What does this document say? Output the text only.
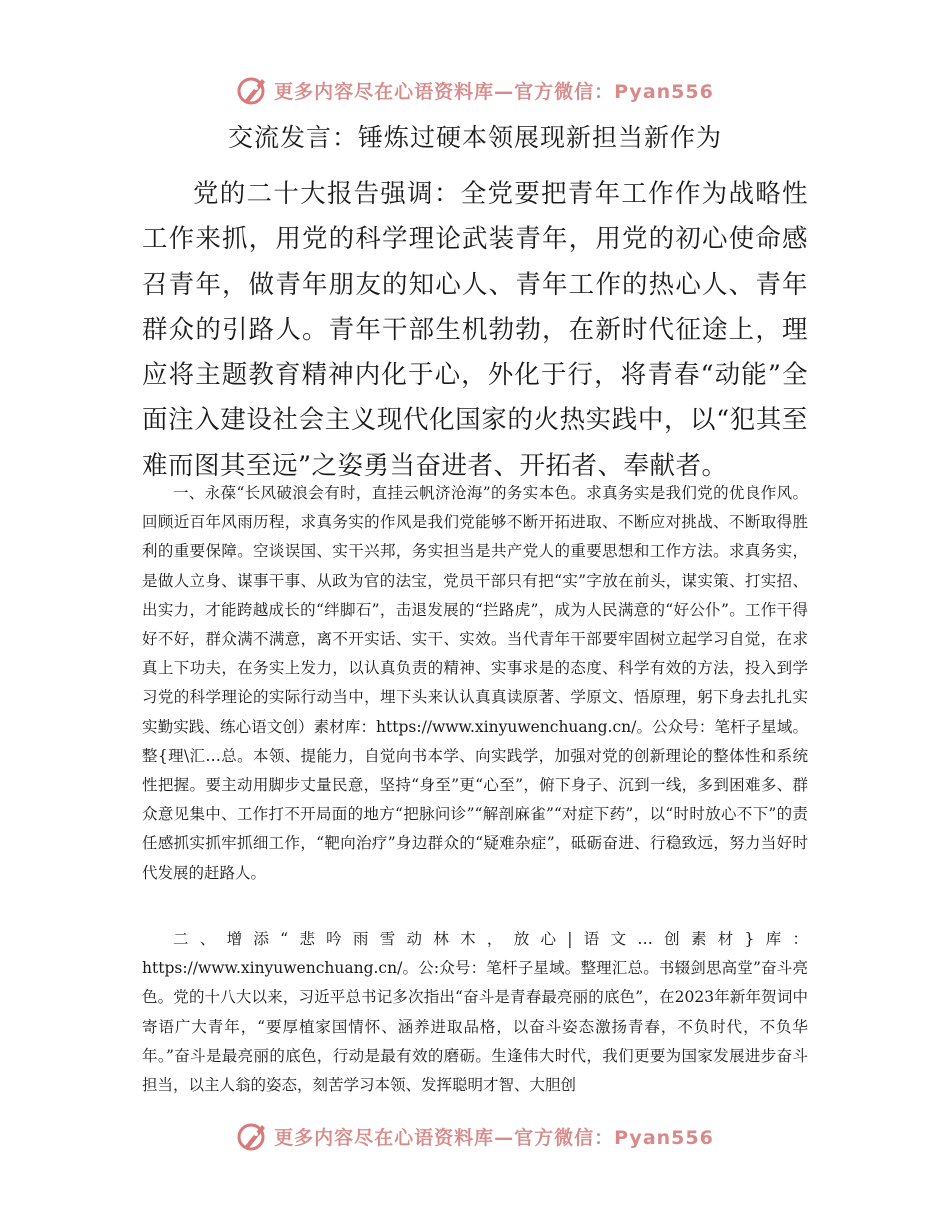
更多内容尽在心语资料库—官方微信：Pyan556
交流发言：锤炼过硬本领展现新担当新作为

党的二十大报告强调：全党要把青年工作作为战略性工作来抓，用党的科学理论武装青年，用党的初心使命感召青年，做青年朋友的知心人、青年工作的热心人、青年群众的引路人。青年干部生机勃勃，在新时代征途上，理应将主题教育精神内化于心，外化于行，将青春“动能”全面注入建设社会主义现代化国家的火热实践中，以“犯其至难而图其至远”之姿勇当奋进者、开拓者、奉献者。

一、永葆“长风破浪会有时，直挂云帆济沧海”的务实本色。求真务实是我们党的优良作风。回顾近百年风雨历程，求真务实的作风是我们党能够不断开拓进取、不断应对挑战、不断取得胜利的重要保障。空谈误国、实干兴邦，务实担当是共产党人的重要思想和工作方法。求真务实，是做人立身、谋事干事、从政为官的法宝，党员干部只有把“实”字放在前头，谋实策、打实招、出实力，才能跨越成长的“绊脚石”，击退发展的“拦路虎”，成为人民满意的“好公仆”。工作干得好不好，群众满不满意，离不开实话、实干、实效。当代青年干部要牢固树立起学习自觉，在求真上下功夫，在务实上发力，以认真负责的精神、实事求是的态度、科学有效的方法，投入到学习党的科学理论的实际行动当中，埋下头来认认真真读原著、学原文、悟原理，躬下身去扎扎实实勤实践、练心语文创）素材库：https://www.xinyuwenchuang.cn/。公众号：笔杆子星域。整{理\汇…总。本领、提能力，自觉向书本学、向实践学，加强对党的创新理论的整体性和系统性把握。要主动用脚步丈量民意，坚持“身至”更“心至”，俯下身子、沉到一线，多到困难多、群众意见集中、工作打不开局面的地方“把脉问诊”“解剖麻雀”“对症下药”，以“时时放心不下”的责任感抓实抓牢抓细工作，“靶向治疗”身边群众的“疑难杂症”，砥砺奋进、行稳致远，努力当好时代发展的赶路人。

二、增添“悲吟雨雪动林木，放心|语文…创素材}库：https://www.xinyuwenchuang.cn/。公:众号：笔杆子星域。整理汇总。书辍剑思高堂”奋斗亮色。党的十八大以来，习近平总书记多次指出“奋斗是青春最亮丽的底色”，在2023年新年贺词中寄语广大青年，“要厚植家国情怀、涵养进取品格，以奋斗姿态激扬青春，不负时代，不负华年。”奋斗是最亮丽的底色，行动是最有效的磨砺。生逢伟大时代，我们更要为国家发展进步奋斗担当，以主人翁的姿态，刻苦学习本领、发挥聪明才智、大胆创

更多内容尽在心语资料库—官方微信：Pyan556
